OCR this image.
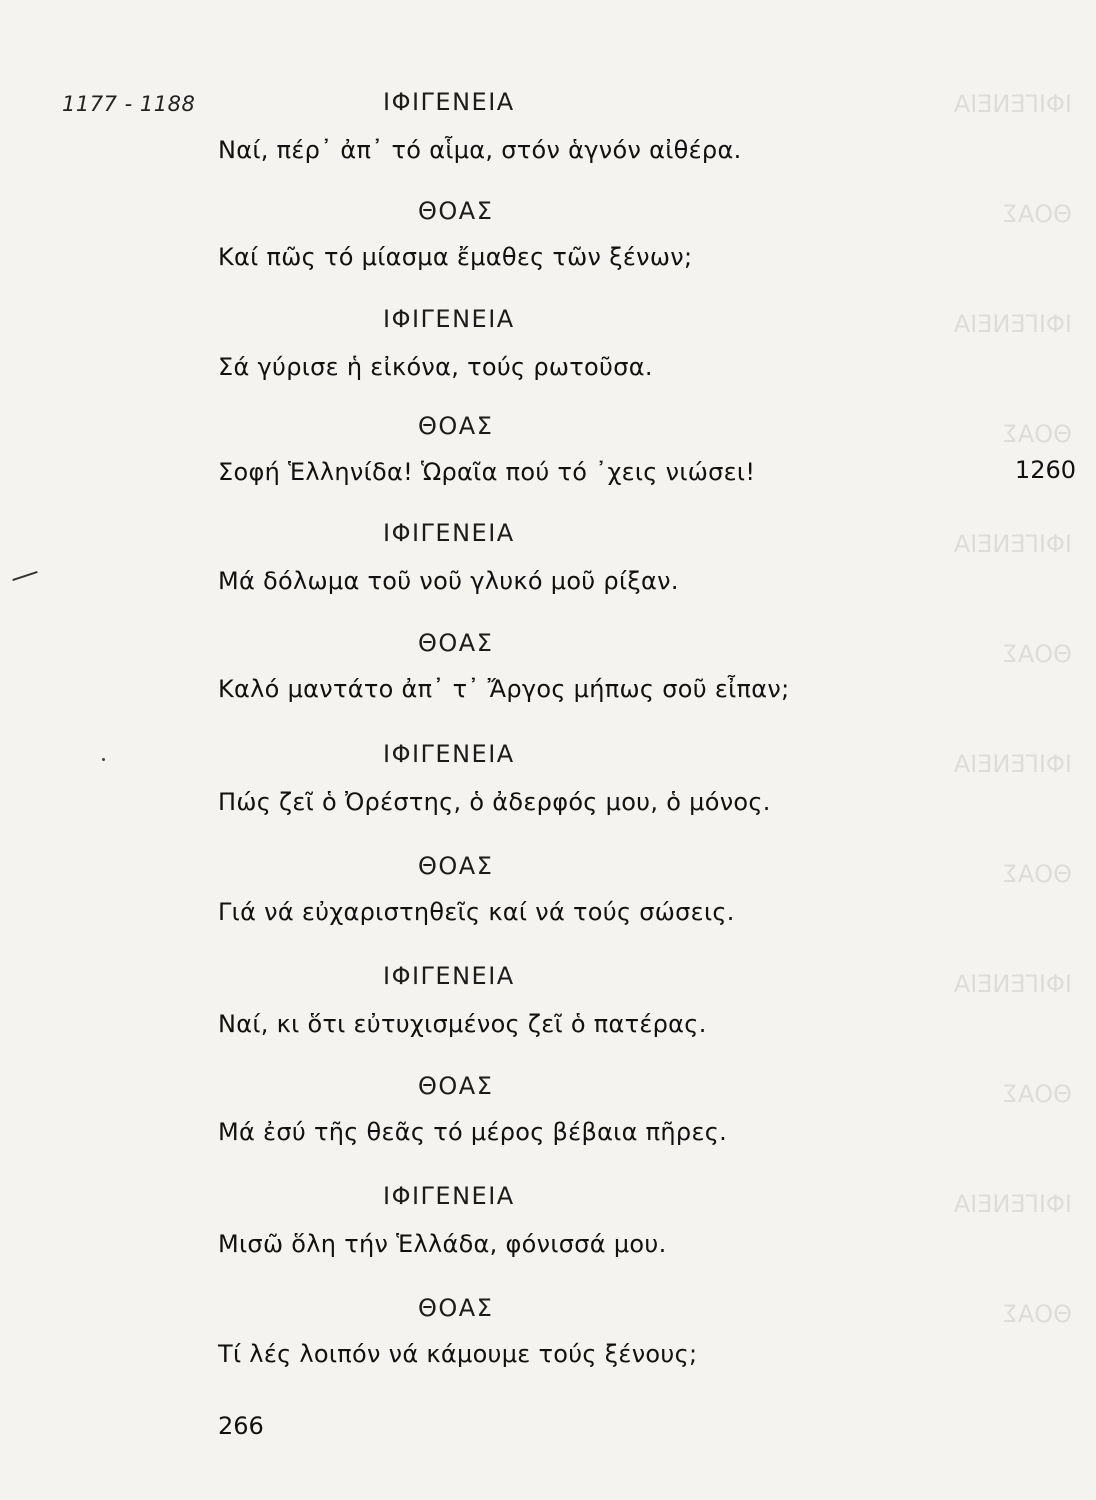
ΙΦΙΓΕΝΕΙΑ
ΘΟΑΣ
ΙΦΙΓΕΝΕΙΑ
ΘΟΑΣ
ΙΦΙΓΕΝΕΙΑ
ΘΟΑΣ
ΙΦΙΓΕΝΕΙΑ
ΘΟΑΣ
ΙΦΙΓΕΝΕΙΑ
ΘΟΑΣ
ΙΦΙΓΕΝΕΙΑ
ΘΟΑΣ
1177 - 1188	ΙΦΙΓΕΝΕΙΑ
Ναί, πέρ᾽ ἀπ᾽ τό αἷμα, στόν ἁγνόν αἰθέρα.
ΘΟΑΣ
Καί πῶς τό μίασμα ἔμαθες τῶν ξένων;
ΙΦΙΓΕΝΕΙΑ
Σά γύρισε ἡ εἰκόνα, τούς ρωτοῦσα.
ΘΟΑΣ
Σοφή Ἑλληνίδα! Ὡραῖα πού τό ᾿χεις νιώσει!	1260
ΙΦΙΓΕΝΕΙΑ
Μά δόλωμα τοῦ νοῦ γλυκό μοῦ ρίξαν.
ΘΟΑΣ
Καλό μαντάτο ἀπ᾽ τ᾽ Ἄργος μήπως σοῦ εἶπαν;
ΙΦΙΓΕΝΕΙΑ
Πώς ζεῖ ὁ Ὀρέστης, ὁ ἀδερφός μου, ὁ μόνος.
ΘΟΑΣ
Γιά νά εὐχαριστηθεῖς καί νά τούς σώσεις.
ΙΦΙΓΕΝΕΙΑ
Ναί, κι ὅτι εὐτυχισμένος ζεῖ ὁ πατέρας.
ΘΟΑΣ
Μά ἐσύ τῆς θεᾶς τό μέρος βέβαια πῆρες.
ΙΦΙΓΕΝΕΙΑ
Μισῶ ὅλη τήν Ἑλλάδα, φόνισσά μου.
ΘΟΑΣ
Τί λές λοιπόν νά κάμουμε τούς ξένους;
266
